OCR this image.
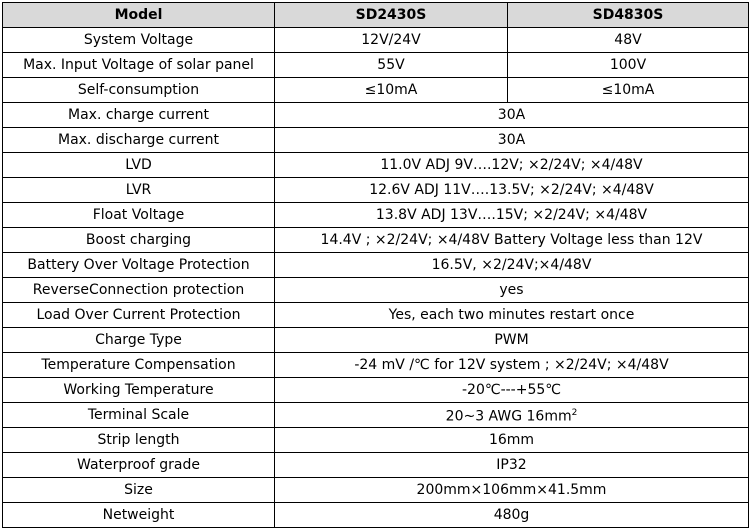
Model	SD2430S	SD4830S
System Voltage	12V/24V	48V
Max. Input Voltage of solar panel	55V	100V
Self-consumption	≤10mA	≤10mA
Max. charge current	30A	
Max. discharge current	30A	
LVD	11.0V ADJ 9V….12V; ×2/24V; ×4/48V	
LVR	12.6V ADJ 11V….13.5V; ×2/24V; ×4/48V	
Float Voltage	13.8V ADJ 13V….15V; ×2/24V; ×4/48V	
Boost charging	14.4V ; ×2/24V; ×4/48V Battery Voltage less than 12V	
Battery Over Voltage Protection	16.5V, ×2/24V;×4/48V	
ReverseConnection protection	yes	
Load Over Current Protection	Yes, each two minutes restart once	
Charge Type	PWM	
Temperature Compensation	-24 mV /℃ for 12V system ; ×2/24V; ×4/48V	
Working Temperature	-20℃---+55℃	
Terminal Scale	20~3 AWG $16mm^2$
Strip length	16mm	
Waterproof grade	IP32	
Size	200mm×106mm×41.5mm	
Netweight	480g	
